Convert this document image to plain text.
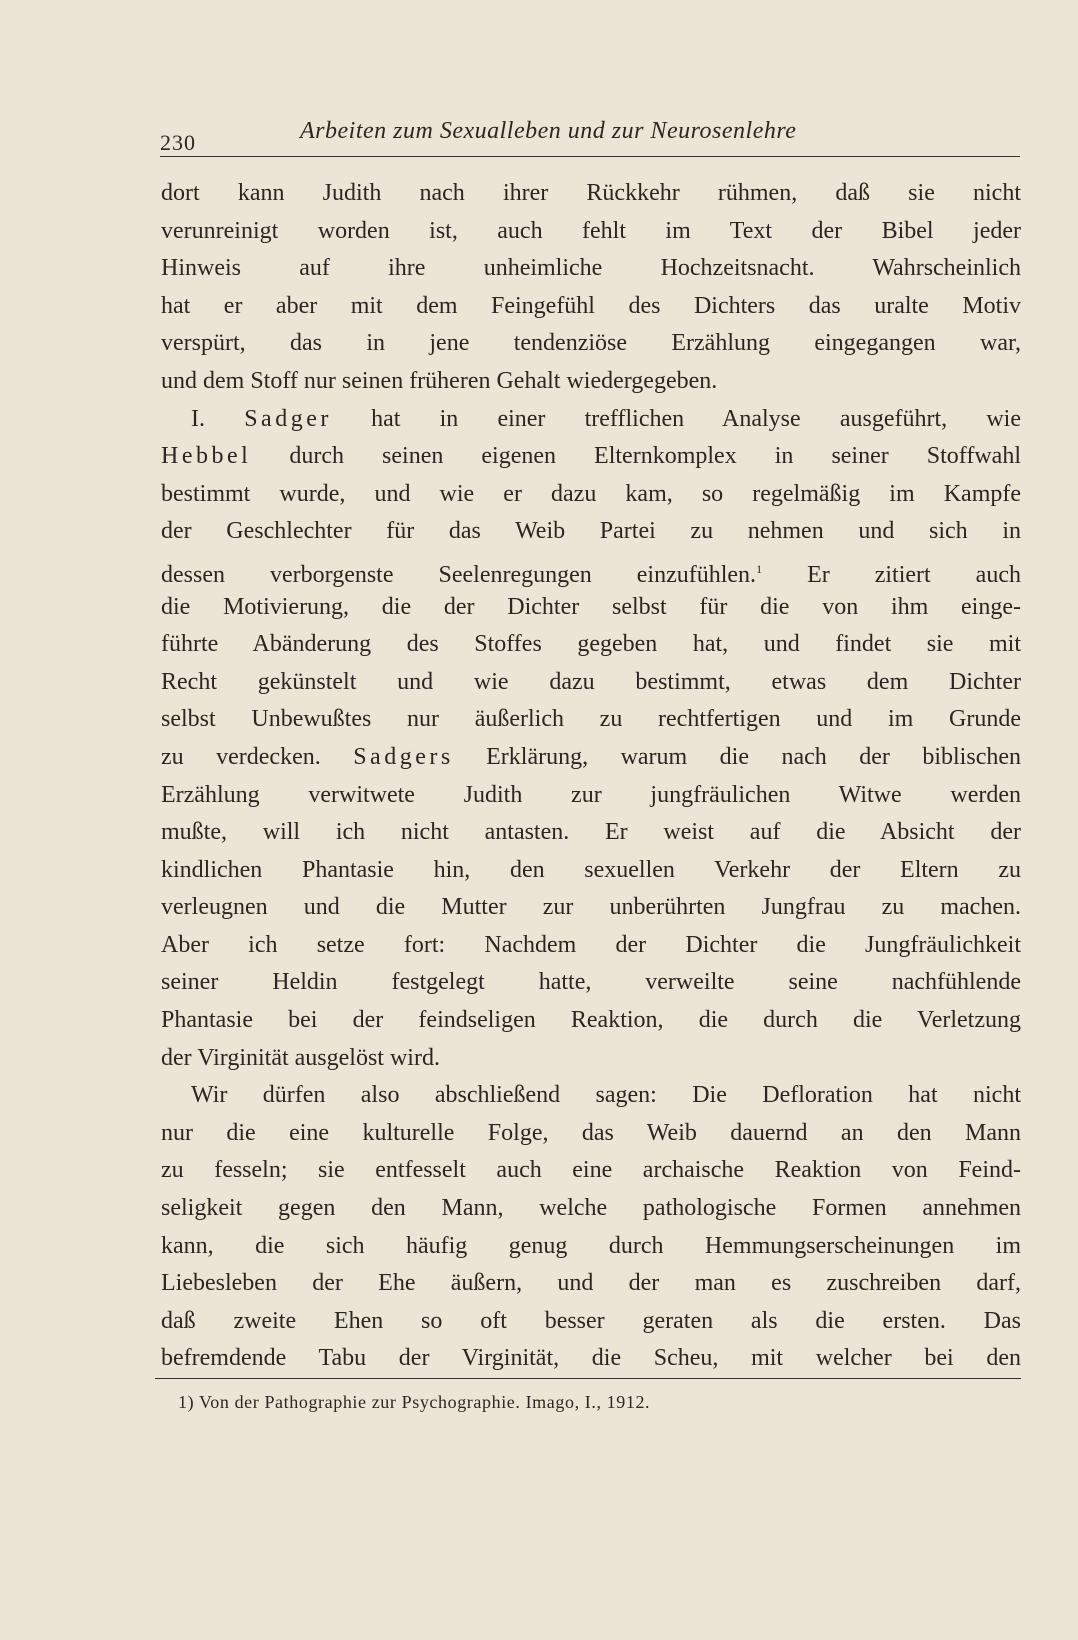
230	Arbeiten zum Sexualleben und zur Neurosenlehre
dort kann Judith nach ihrer Rückkehr rühmen, daß sie nicht
verunreinigt worden ist, auch fehlt im Text der Bibel jeder
Hinweis auf ihre unheimliche Hochzeitsnacht. Wahrscheinlich
hat er aber mit dem Feingefühl des Dichters das uralte Motiv
verspürt, das in jene tendenziöse Erzählung eingegangen war,
und dem Stoff nur seinen früheren Gehalt wiedergegeben.
I. Sadger hat in einer trefflichen Analyse ausgeführt, wie
Hebbel durch seinen eigenen Elternkomplex in seiner Stoffwahl
bestimmt wurde, und wie er dazu kam, so regelmäßig im Kampfe
der Geschlechter für das Weib Partei zu nehmen und sich in
dessen verborgenste Seelenregungen einzufühlen.$^1$ Er zitiert auch
die Motivierung, die der Dichter selbst für die von ihm einge-
führte Abänderung des Stoffes gegeben hat, und findet sie mit
Recht gekünstelt und wie dazu bestimmt, etwas dem Dichter
selbst Unbewußtes nur äußerlich zu rechtfertigen und im Grunde
zu verdecken. Sadgers Erklärung, warum die nach der biblischen
Erzählung verwitwete Judith zur jungfräulichen Witwe werden
mußte, will ich nicht antasten. Er weist auf die Absicht der
kindlichen Phantasie hin, den sexuellen Verkehr der Eltern zu
verleugnen und die Mutter zur unberührten Jungfrau zu machen.
Aber ich setze fort: Nachdem der Dichter die Jungfräulichkeit
seiner Heldin festgelegt hatte, verweilte seine nachfühlende
Phantasie bei der feindseligen Reaktion, die durch die Verletzung
der Virginität ausgelöst wird.
Wir dürfen also abschließend sagen: Die Defloration hat nicht
nur die eine kulturelle Folge, das Weib dauernd an den Mann
zu fesseln; sie entfesselt auch eine archaische Reaktion von Feind-
seligkeit gegen den Mann, welche pathologische Formen annehmen
kann, die sich häufig genug durch Hemmungserscheinungen im
Liebesleben der Ehe äußern, und der man es zuschreiben darf,
daß zweite Ehen so oft besser geraten als die ersten. Das
befremdende Tabu der Virginität, die Scheu, mit welcher bei den
1) Von der Pathographie zur Psychographie. Imago, I., 1912.
